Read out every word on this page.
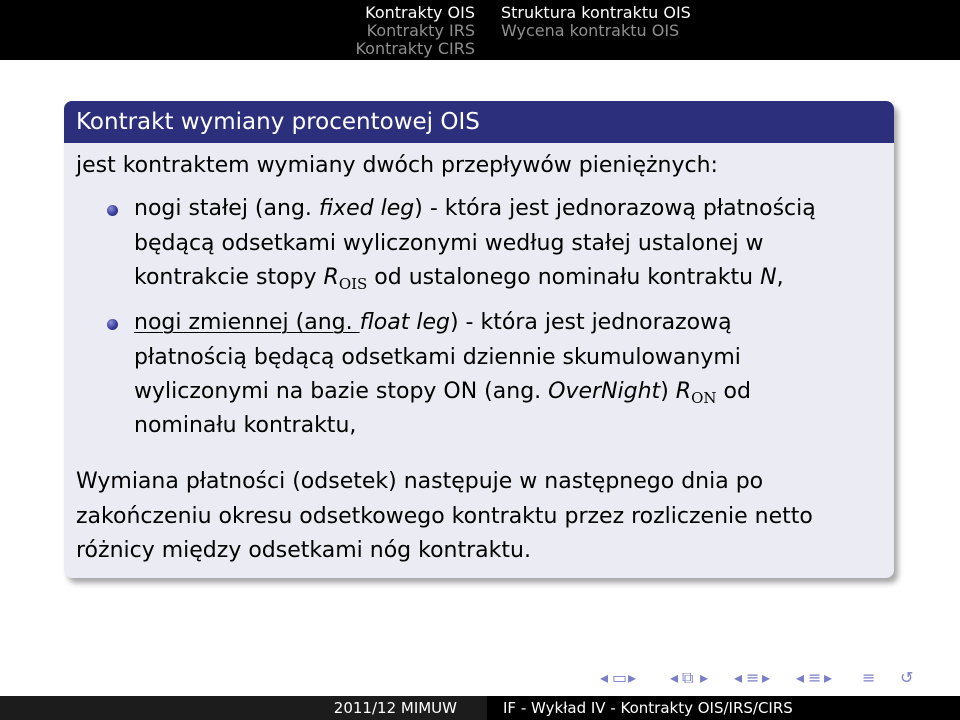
Kontrakty OIS
Kontrakty IRS
Kontrakty CIRS
Struktura kontraktu OIS
Wycena kontraktu OIS
Kontrakt wymiany procentowej OIS
jest kontraktem wymiany dwóch przepływów pieniężnych:
nogi stałej (ang. fixed leg) - która jest jednorazową płatnością
będącą odsetkami wyliczonymi według stałej ustalonej w
kontrakcie stopy $R_{OIS}$ od ustalonego nominału kontraktu N,
nogi zmiennej (ang. float leg) - która jest jednorazową
płatnością będącą odsetkami dziennie skumulowanymi
wyliczonymi na bazie stopy ON (ang. OverNight) $R_{ON}$ od
nominału kontraktu,
Wymiana płatności (odsetek) następuje w następnego dnia po
zakończeniu okresu odsetkowego kontraktu przez rozliczenie netto
różnicy między odsetkami nóg kontraktu.
◂ ▭ ▸ ◂ ⧉ ▸ ◂ ≡ ▸ ◂ ≡ ▸ ≡ ↺
2011/12 MIMUW	IF - Wykład IV - Kontrakty OIS/IRS/CIRS
